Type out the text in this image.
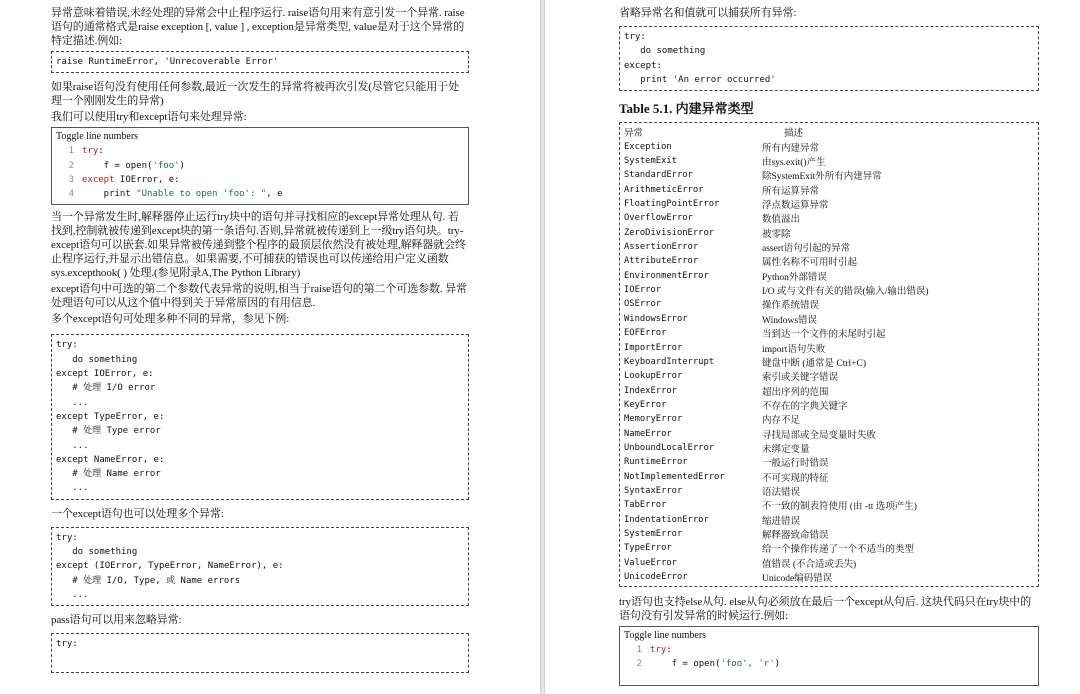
异常意味着错误,未经处理的异常会中止程序运行. raise语句用来有意引发一个异常. raise语句的通常格式是raise exception [, value ] , exception是异常类型, value是对于这个异常的特定描述.例如:

raise RuntimeError, 'Unrecoverable Error'

如果raise语句没有使用任何参数,最近一次发生的异常将被再次引发(尽管它只能用于处理一个刚刚发生的异常)

我们可以使用try和except语句来处理异常:

Toggle line numbers
1 try:
2    f = open('foo')
3 except IOError, e:
4    print "Unable to open 'foo': ", e

当一个异常发生时,解释器停止运行try块中的语句并寻找相应的except异常处理从句. 若找到,控制就被传递到except块的第一条语句.否则,异常就被传递到上一级try语句块。try-except语句可以嵌套.如果异常被传递到整个程序的最顶层依然没有被处理,解释器就会终止程序运行,并显示出错信息。如果需要,不可捕获的错误也可以传递给用户定义函数 sys.excepthook( ) 处理.(参见附录A,The Python Library)

except语句中可选的第二个参数代表异常的说明,相当于raise语句的第二个可选参数. 异常处理语句可以从这个值中得到关于异常原因的有用信息.

多个except语句可处理多种不同的异常，参见下例:

try:
do something
except IOError, e:
# 处理 I/O error
...
except TypeError, e:
# 处理 Type error
...
except NameError, e:
# 处理 Name error
...

一个except语句也可以处理多个异常:

try:
do something
except (IOError, TypeError, NameError), e:
# 处理 I/O, Type, 或 Name errors
...

pass语句可以用来忽略异常:

try:

省略异常名和值就可以捕获所有异常:

try:
do something
except:
print 'An error occurred'
Table 5.1. 内建异常类型
异常	描述
Exception	所有内建异常
SystemExit	由sys.exit()产生
StandardError	除SystemExit外所有内建异常
ArithmeticError	所有运算异常
FloatingPointError	浮点数运算异常
OverflowError	数值溢出
ZeroDivisionError	被零除
AssertionError	assert语句引起的异常
AttributeError	属性名称不可用时引起
EnvironmentError	Python外部错误
IOError	I/O 或与文件有关的错误(输入/输出错误)
OSError	操作系统错误
WindowsError	Windows错误
EOFError	当到达一个文件的末尾时引起
ImportError	import语句失败
KeyboardInterrupt	键盘中断 (通常是 Ctrl+C)
LookupError	索引或关键字错误
IndexError	超出序列的范围
KeyError	不存在的字典关键字
MemoryError	内存不足
NameError	寻找局部或全局变量时失败
UnboundLocalError	未绑定变量
RuntimeError	一般运行时错误
NotImplementedError	不可实现的特征
SyntaxError	语法错误
TabError	不一致的制表符使用 (由 -tt 选项产生)
IndentationError	缩进错误
SystemError	解释器致命错误
TypeError	给一个操作传递了一个不适当的类型
ValueError	值错误 (不合适或丢失)
UnicodeError	Unicode编码错误

try语句也支持else从句. else从句必须放在最后一个except从句后. 这块代码只在try块中的语句没有引发异常的时候运行.例如:

Toggle line numbers
1 try:
2    f = open('foo', 'r')
